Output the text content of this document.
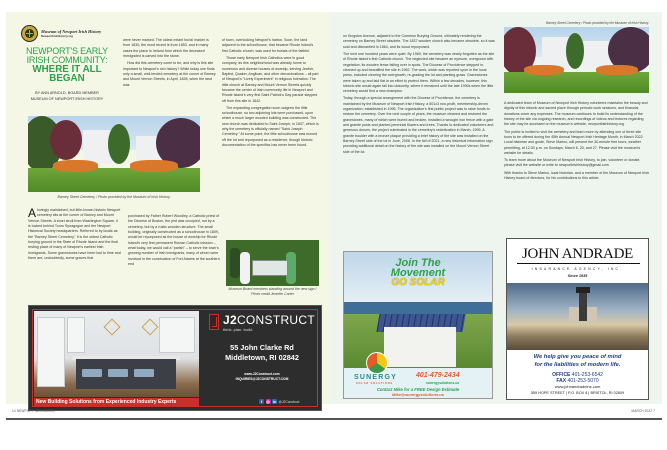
Museum of Newport Irish History
NewportIrishHistory.org
NEWPORT'S EARLY IRISH COMMUNITY:
WHERE IT ALL BEGAN
BY ANN ARNOLD, BOARD MEMBER
MUSEUM OF NEWPORT IRISH HISTORY

were never marked. The oldest extant burial marker is from 1830; the most recent is from 1853, and in many cases the place in Ireland from which the deceased immigrated is carved into the stone.

How did this cemetery come to be, and why is this site important to Newport's rich history? While today one finds only a small, well-tended cemetery at the corner of Barney and Mount Vernon Streets, in April, 1828, when the land was

of town, overlooking Newport's harbor. Soon, the land adjacent to the schoolhouse, that became Rhode Island's first Catholic church, was used for burials of the faithful.

Those early Newport Irish Catholics were in good company, as this neighborhood was already home to numerous and diverse houses of worship, serving Jewish, Baptist, Quaker, Anglican, and other denominations – all part of Newport's "Lively Experiment" in religious toleration. The little church at Barney and Mount Vernon Streets quickly became the center of Irish community life in Newport and Rhode Island's very first Saint Patrick's Day parade stepped off from this site in 1842.

The expanding congregation soon outgrew the little schoolhouse, so two adjoining lots were purchased, upon which a much larger wooden building was constructed. The new church was dedicated to Saint Joseph, in 1837, which is why the cemetery is officially named "Saint Joseph Cemetery." At some point, the little schoolhouse was moved off the lot and repurposed as a residence, though historic documentation of the specifics has never been found.

Barney Street Cemetery / Photo provided by the Museum of Irish History.
A lovingly maintained, but little-known historic Newport cemetery sits at the corner of Barney and Mount Vernon Streets. A short stroll from Washington Square, it is tucked behind Touro Synagogue and the Newport Historical Society headquarters. Referred to by locals as the "Barney Street Cemetery," it is the oldest Catholic burying ground in the State of Rhode Island and the final resting place of many of Newport's earliest Irish immigrants. Some gravestones have been lost to time and there are, undoubtedly, some graves that

purchased by Father Robert Woodley, a Catholic priest of the Diocese of Boston, the plot was occupied, not by a cemetery, but by a rustic wooden structure. The small building, originally constructed as a schoolhouse in 1809, would be repurposed as the house of worship for Rhode Island's very first permanent Roman Catholic mission – what today, we would call a "parish" – to serve the town's growing number of Irish immigrants, many of whom were involved in the construction of Fort Adams at the southern end

Museum Board members standing around the new sign / Photo credit Jennifer Carter
New Building Solutions from Experienced Industry Experts
J2CONSTRUCT
think. plan. build.
55 John Clarke Rd
Middletown, RI 02842
www.J2Construct.com
INQUIRIES@J2CONSTRUCT.COM
f	◎ in @J2Construct
14 NEWPORT NEIGHBORS

on Kingston Avenue, adjacent to the Common Burying Ground, ultimately rendering the cemetery on Barney Street obsolete. The 1837 wooden church also became obsolete, so it was sold and dismantled in 1864, and its wood repurposed.

The next one hundred years were quiet. By 1960, the cemetery was nearly forgotten as the site of Rhode Island's first Catholic church. The neglected site became an eyesore, overgrown with vegetation, its wooden fence falling over in spots. The Diocese of Providence stepped in, cleaned up and beautified the site in 1962. The work, which was reported upon in the local press, included clearing the overgrowth, re-grading the lot and planting grass. Gravestones were taken up and laid flat in an effort to protect them. Within a few decades, however, this historic site would again fall into obscurity, where it remained until the late 1990s when the little cemetery would find a new champion.

Today, through a special arrangement with the Diocese of Providence, the cemetery is maintained by the Museum of Newport Irish History, a 501c3 non-profit, membership-driven organization, established in 1996. The organization's first public project was to raise funds to restore the cemetery. Over the next couple of years, the museum cleaned and restored the gravestones, many of which were buried and broken, installed a wrought iron fence with a gate and granite posts and planted perennial flowers and trees. Thanks to dedicated volunteers and generous donors, the project culminated in the cemetery's rededication in March, 1999. A granite boulder with a bronze plaque providing a brief history of the site was installed on the Barney Street side of the lot in June, 2008. In the fall of 2021, a new historical information sign providing additional detail on the history of the site was installed on the Mount Vernon Street side of the lot.

Barney Street Cemetery / Photo provided by the Museum of Irish History.

A dedicated team of Museum of Newport Irish History volunteers maintains the beauty and dignity of this historic and sacred place through periodic work sessions, and financial donations cover any expenses. The museum continues to build its understanding of the history of the site via ongoing research, and recordings of videos and lectures regarding the site may be accessed on the museum's website, newportirishhistory.org

The public is invited to visit the cemetery and learn more by attending one of three site tours to be offered during the 45th Annual Newport Irish Heritage Month, in March 2022. Local historian and guide, Steve Marino, will present the 30-minute free tours, weather permitting, at 12:30 p.m. on Sundays, March 6, 20, and 27. Please visit the museum's website for details.

To learn more about the Museum of Newport Irish History, to join, volunteer or donate, please visit the website or write to newportirishhistory@gmail.com

With thanks to Steve Marino, local historian, and a member of the Museum of Newport Irish History board of directors, for his contributions to this article.

Join The
Movement
GO SOLAR
SUNERGY
SOLAR SOLUTIONS
401-479-2434
sunergysolutions.us
Contact Mike for a FREE Design Estimate
Mike@sunergysolutions.us
JOHN ANDRADE
INSURANCE AGENCY, INC.
Since 1935
We help give you peace of mind
for the liabilities of modern life.
OFFICE 401-253-6542
FAX 401-253-5070
www.johnandradeins.com
559 HOPE STREET | P.O. BOX 8 | BRISTOL, RI 02809
MARCH 2022 7
